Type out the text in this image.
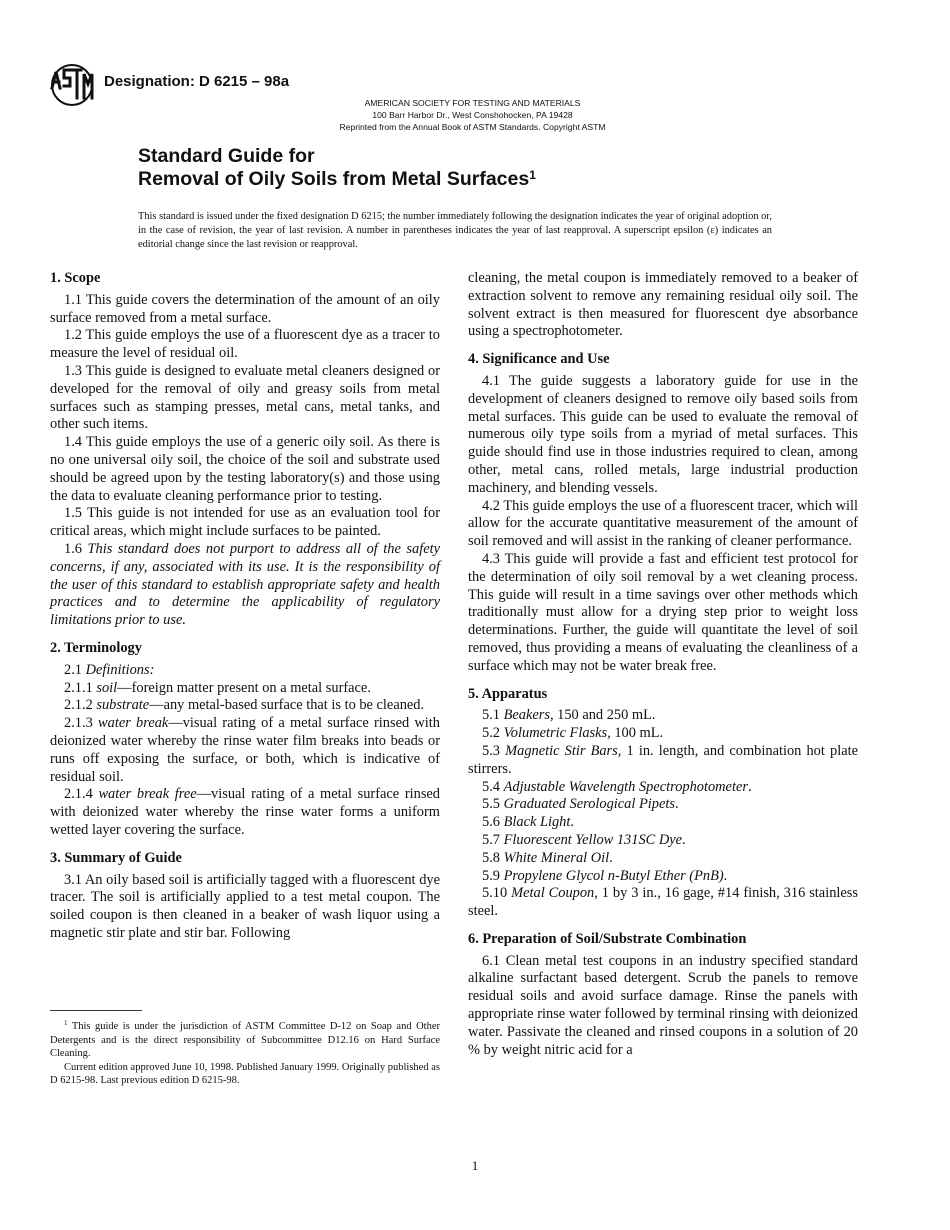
Designation: D 6215 – 98a
AMERICAN SOCIETY FOR TESTING AND MATERIALS
100 Barr Harbor Dr., West Conshohocken, PA 19428
Reprinted from the Annual Book of ASTM Standards. Copyright ASTM
Standard Guide for
Removal of Oily Soils from Metal Surfaces$^1$
This standard is issued under the fixed designation D 6215; the number immediately following the designation indicates the year of original adoption or, in the case of revision, the year of last revision. A number in parentheses indicates the year of last reapproval. A superscript epsilon (ε) indicates an editorial change since the last revision or reapproval.
1. Scope

1.1 This guide covers the determination of the amount of an oily surface removed from a metal surface.

1.2 This guide employs the use of a fluorescent dye as a tracer to measure the level of residual oil.

1.3 This guide is designed to evaluate metal cleaners designed or developed for the removal of oily and greasy soils from metal surfaces such as stamping presses, metal cans, metal tanks, and other such items.

1.4 This guide employs the use of a generic oily soil. As there is no one universal oily soil, the choice of the soil and substrate used should be agreed upon by the testing laboratory(s) and those using the data to evaluate cleaning performance prior to testing.

1.5 This guide is not intended for use as an evaluation tool for critical areas, which might include surfaces to be painted.

1.6 This standard does not purport to address all of the safety concerns, if any, associated with its use. It is the responsibility of the user of this standard to establish appropriate safety and health practices and to determine the applicability of regulatory limitations prior to use.

2. Terminology

2.1 Definitions:

2.1.1 soil—foreign matter present on a metal surface.

2.1.2 substrate—any metal-based surface that is to be cleaned.

2.1.3 water break—visual rating of a metal surface rinsed with deionized water whereby the rinse water film breaks into beads or runs off exposing the surface, or both, which is indicative of residual soil.

2.1.4 water break free—visual rating of a metal surface rinsed with deionized water whereby the rinse water forms a uniform wetted layer covering the surface.

3. Summary of Guide

3.1 An oily based soil is artificially tagged with a fluorescent dye tracer. The soil is artificially applied to a test metal coupon. The soiled coupon is then cleaned in a beaker of wash liquor using a magnetic stir plate and stir bar. Following

$^1$ This guide is under the jurisdiction of ASTM Committee D-12 on Soap and Other Detergents and is the direct responsibility of Subcommittee D12.16 on Hard Surface Cleaning.

Current edition approved June 10, 1998. Published January 1999. Originally published as D 6215-98. Last previous edition D 6215-98.

cleaning, the metal coupon is immediately removed to a beaker of extraction solvent to remove any remaining residual oily soil. The solvent extract is then measured for fluorescent dye absorbance using a spectrophotometer.

4. Significance and Use

4.1 The guide suggests a laboratory guide for use in the development of cleaners designed to remove oily based soils from metal surfaces. This guide can be used to evaluate the removal of numerous oily type soils from a myriad of metal surfaces. This guide should find use in those industries required to clean, among other, metal cans, rolled metals, large industrial production machinery, and blending vessels.

4.2 This guide employs the use of a fluorescent tracer, which will allow for the accurate quantitative measurement of the amount of soil removed and will assist in the ranking of cleaner performance.

4.3 This guide will provide a fast and efficient test protocol for the determination of oily soil removal by a wet cleaning process. This guide will result in a time savings over other methods which traditionally must allow for a drying step prior to weight loss determinations. Further, the guide will quantitate the level of soil removed, thus providing a means of evaluating the cleanliness of a surface which may not be water break free.

5. Apparatus

5.1 Beakers, 150 and 250 mL.

5.2 Volumetric Flasks, 100 mL.

5.3 Magnetic Stir Bars, 1 in. length, and combination hot plate stirrers.

5.4 Adjustable Wavelength Spectrophotometer.

5.5 Graduated Serological Pipets.

5.6 Black Light.

5.7 Fluorescent Yellow 131SC Dye.

5.8 White Mineral Oil.

5.9 Propylene Glycol n-Butyl Ether (PnB).

5.10 Metal Coupon, 1 by 3 in., 16 gage, #14 finish, 316 stainless steel.

6. Preparation of Soil/Substrate Combination

6.1 Clean metal test coupons in an industry specified standard alkaline surfactant based detergent. Scrub the panels to remove residual soils and avoid surface damage. Rinse the panels with appropriate rinse water followed by terminal rinsing with deionized water. Passivate the cleaned and rinsed coupons in a solution of 20 % by weight nitric acid for a

1
